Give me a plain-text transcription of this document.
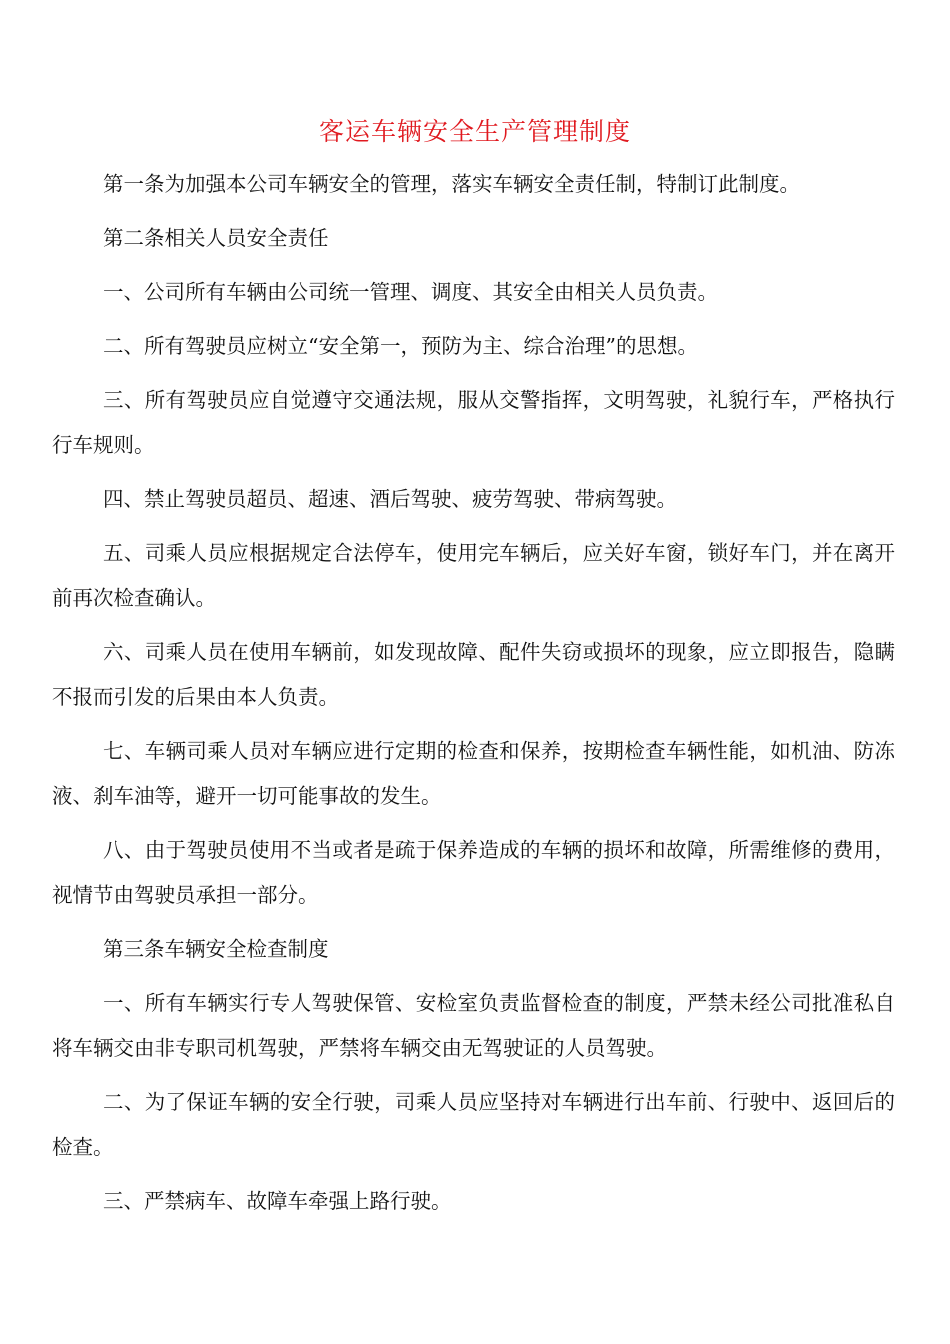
客运车辆安全生产管理制度

第一条为加强本公司车辆安全的管理，落实车辆安全责任制，特制订此制度。

第二条相关人员安全责任

一、公司所有车辆由公司统一管理、调度、其安全由相关人员负责。

二、所有驾驶员应树立“安全第一，预防为主、综合治理”的思想。

三、所有驾驶员应自觉遵守交通法规，服从交警指挥，文明驾驶，礼貌行车，严格执行行车规则。

四、禁止驾驶员超员、超速、酒后驾驶、疲劳驾驶、带病驾驶。

五、司乘人员应根据规定合法停车，使用完车辆后，应关好车窗，锁好车门，并在离开前再次检查确认。

六、司乘人员在使用车辆前，如发现故障、配件失窃或损坏的现象，应立即报告，隐瞒不报而引发的后果由本人负责。

七、车辆司乘人员对车辆应进行定期的检查和保养，按期检查车辆性能，如机油、防冻液、刹车油等，避开一切可能事故的发生。

八、由于驾驶员使用不当或者是疏于保养造成的车辆的损坏和故障，所需维修的费用，视情节由驾驶员承担一部分。

第三条车辆安全检查制度

一、所有车辆实行专人驾驶保管、安检室负责监督检查的制度，严禁未经公司批准私自将车辆交由非专职司机驾驶，严禁将车辆交由无驾驶证的人员驾驶。

二、为了保证车辆的安全行驶，司乘人员应坚持对车辆进行出车前、行驶中、返回后的检查。

三、严禁病车、故障车牵强上路行驶。
